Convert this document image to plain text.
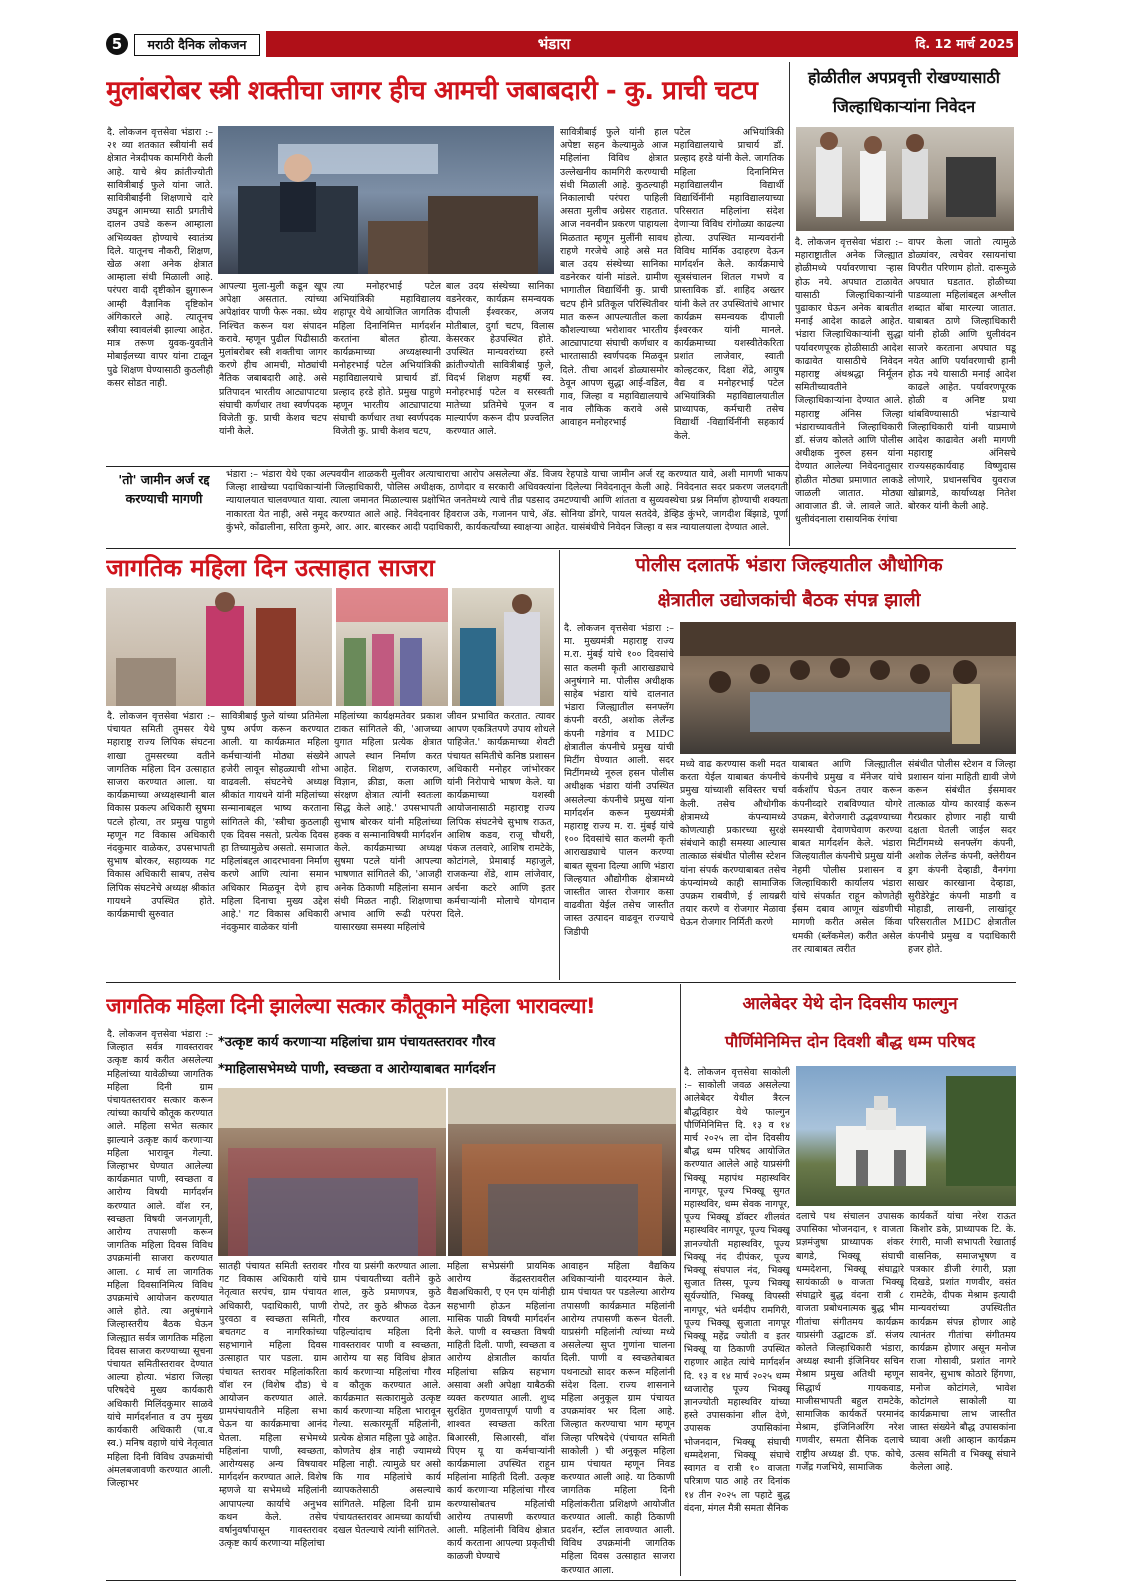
5	मराठी दैनिक लोकजन	भंडारा	दि. 12 मार्च 2025
मुलांबरोबर स्त्री शक्तीचा जागर हीच आमची जबाबदारी - कु. प्राची चटप
दै. लोकजन वृत्तसेवा भंडारा :– २१ व्या शतकात स्त्रीयांनी सर्व क्षेत्रात नेत्रदीपक कामगिरी केली आहे. याचे श्रेय क्रांतीज्योती सावित्रीबाई फुले यांना जाते. सावित्रीबाईंनी शिक्षणाचे दारे उघडून आमच्या साठी प्रगतीचे दालन उघडे करून आम्हाला अभिव्यक्त होण्याचे स्वातंत्र्य दिले. यातूनच नौकरी, शिक्षण, खेळ अशा अनेक क्षेत्रात आम्हाला संधी मिळाली आहे. परंपरा वादी दृष्टीकोन झुगारून आम्ही वैज्ञानिक दृष्टिकोन अंगिकारले आहे. त्यातूनच स्त्रीया स्वावलंबी झाल्या आहेत. मात्र तरूण युवक-युवतीने मोबाईलच्या वापर यांना टाळून पुढे शिक्षण घेण्यासाठी कुठलीही कसर सोडत नाही.
आपल्या मुला-मुली कडून खूप अपेक्षा असतात. त्यांच्या अपेक्षांवर पाणी फेरू नका. ध्येय निश्चित करून यश संपादन करावे. म्हणून पुढील पिढीसाठी मुलांबरोबर स्त्री शक्तीचा जागर करणे हीच आमची, मोठ्यांची नैतिक जबाबदारी आहे. असे प्रतिपादन भारतीय आट्यापाटया संघाची कर्णधार तथा स्वर्णपदक विजेती कु. प्राची केशव चटप यांनी केले.
त्या मनोहरभाई पटेल अभियांत्रिकी महाविद्यालय शहापूर येथे आयोजित जागतिक महिला दिनानिमित्त मार्गदर्शन करतांना बोलत होत्या. कार्यक्रमाच्या अध्यक्षस्थानी मनोहरभाई पटेल अभियांत्रिकी महाविद्यालयाचे प्राचार्य डॉ. प्रल्हाद हरडे होते. प्रमुख पाहुणे म्हणून भारतीय आट्यापाटया संघाची कर्णधार तथा स्वर्णपदक विजेती कु. प्राची केशव चटप,
बाल उदय संस्थेच्या सानिका वडनेरकर, कार्यक्रम समन्वयक दीपाली ईश्वरकर, अजय मोतीबाल, दुर्गा चटप, विलास केसरकर हेउपस्थित होते. उपस्थित मान्यवरांच्या हस्ते क्रांतीज्योती सावित्रीबाई फुले, विदर्भ शिक्षण महर्षी स्व. मनोहरभाई पटेल व सरस्वती मातेच्या प्रतिमेचे पूजन व माल्यार्पण करून दीप प्रज्वलित करण्यात आले.
सावित्रीबाई फुले यांनी हाल अपेष्टा सहन केल्यामुळे आज महिलांना विविध क्षेत्रात उल्लेखनीय कामगिरी करण्याची संधी मिळाली आहे. कुठल्याही निकालाची परंपरा पाहिली असता मुलीच अग्रेसर राहतात. आज नवनवीन प्रकरण पाहायला मिळतात म्हणून मुलींनी सावध राहणे गरजेचे आहे असे मत बाल उदय संस्थेच्या सानिका वडनेरकर यांनी मांडले. ग्रामीण भागातील विद्यार्थिनी कु. प्राची चटप हीने प्रतिकूल परिस्थितीवर मात करून आपल्यातील कला कौशल्याच्या भरोशावर भारतीय आट्यापाटया संघाची कर्णधार व भारतासाठी स्वर्णपदक मिळवून दिले. तीचा आदर्श डोळ्यासमोर ठेवून आपण सुद्धा आई-वडिल, गाव, जिल्हा व महाविद्यालयाचे नाव लौकिक करावे असे आवाहन मनोहरभाई
पटेल अभियांत्रिकी महाविद्यालयाचे प्राचार्य डॉ. प्रल्हाद हरडे यांनी केले. जागतिक महिला दिनानिमित्त महाविद्यालयीन विद्यार्थी विद्यार्थिनींनी महाविद्यालयाच्या परिसरात महिलांना संदेश देणाऱ्या विविध रांगोळ्या काढल्या होत्या. उपस्थित मान्यवरांनी विविध मार्मिक उदाहरण देऊन मार्गदर्शन केले. कार्यक्रमाचे सूत्रसंचालन शितल गभणे व प्रास्ताविक डॉ. शाहिद अख्तर यांनी केले तर उपस्थितांचे आभार कार्यक्रम समन्वयक दीपाली ईश्वरकर यांनी मानले. कार्यक्रमाच्या यशस्वीतेकरिता प्रशांत लाजेवार, स्वाती कोल्हटकर, दिक्षा शेंद्रे, आयुष वैद्य व मनोहरभाई पटेल अभियांत्रिकी महाविद्यालयातील प्राध्यापक, कर्मचारी तसेच विद्यार्थी -विद्यार्थिनींनी सहकार्य केले.
होळीतील अपप्रवृत्ती रोखण्यासाठी
जिल्हाधिकाऱ्यांना निवेदन
दै. लोकजन वृत्तसेवा भंडारा :– महाराष्ट्रातील अनेक जिल्ह्यात होळीमध्ये पर्यावरणाचा ऱ्हास होऊ नये. अपघात टाळावेत यासाठी जिल्हाधिकाऱ्यांनी पुढाकार घेऊन अनेक बाबतीत मनाई आदेश काढले आहेत. भंडारा जिल्हाधिकाऱ्यांनी सुद्धा पर्यावरणपूरक होळीसाठी आदेश काढावेत यासाठीचे निवेदन महाराष्ट्र अंधश्रद्धा निर्मूलन समितीच्यावतीने जिल्हाधिकाऱ्यांना देण्यात आले. महाराष्ट्र अंनिस जिल्हा भंडाराच्यावतीने जिल्हाधिकारी डॉ. संजय कोलते आणि पोलीस अधीक्षक नुरुल हसन यांना देण्यात आलेल्या निवेदनातुसार होळीत मोठ्या प्रमाणात लाकडे जाळली जातात. मोठ्या आवाजात डी. जे. लावले जाते. धुलीवंदनाला रासायनिक रंगांचा
वापर केला जातो त्यामुळे डोळ्यांवर, त्वचेवर रसायनांचा विपरीत परिणाम होतो. दारूमुळे अपघात घडतात. होळीच्या पाडव्याला महिलांबद्दल अश्लील शब्दात बोंबा मारल्या जातात. याबाबत ठाणे जिल्हाधिकारी यांनी होळी आणि धुलीवंदन साजरे करताना अपघात घडू नयेत आणि पर्यावरणाची हानी होऊ नये यासाठी मनाई आदेश काढले आहेत. पर्यावरणपूरक होळी व अनिष्ट प्रथा थांबविण्यासाठी भंडाऱ्याचे जिल्हाधिकारी यांनी याप्रमाणे आदेश काढावेत अशी मागणी महाराष्ट्र अंनिसचे राज्यसहकार्यवाह विष्णुदास लोणारे, प्रधानसचिव युवराज खोब्रागडे, कार्याध्यक्ष नितेश बोरकर यांनी केली आहे.
'तो' जामीन अर्ज रद्द करण्याची मागणी
भंडारा :– भंडारा येथे एका अल्पवयीन शाळकरी मुलीवर अत्याचाराचा आरोप असलेल्या ॲड. विजय रेहपाडे याचा जामीन अर्ज रद्द करण्यात यावे, अशी मागणी भाकप जिल्हा शाखेच्या पदाधिकाऱ्यांनी जिल्हाधिकारी, पोलिस अधीक्षक, ठाणेदार व सरकारी अधिवक्त्यांना दिलेल्या निवेदनातून केली आहे. निवेदनात सदर प्रकरण जलदगती न्यायालयात चालवण्यात यावा. त्याला जमानत मिळाल्यास प्रक्षोभित जनतेमध्ये त्याचे तीव्र पडसाद उमटण्याची आणि शांतता व सुव्यवस्थेचा प्रश्न निर्माण होण्याची शक्यता नाकारता येत नाही, असे नमूद करण्यात आले आहे. निवेदनावर हिवराज उके, गजानन पाचे, ॲड. सोनिया डोंगरे, पायल सतदेवे, डेव्हिड कुंभरे, जागदीश बिंझाडे, पूर्णा कुंभरे, कोंढालीना, सरिता कुमरे, आर. आर. बारस्कर आदी पदाधिकारी, कार्यकर्त्यांच्या स्वाक्षऱ्या आहेत. यासंबंधीचे निवेदन जिल्हा व सत्र न्यायालयाला देण्यात आले.
जागतिक महिला दिन उत्साहात साजरा
दै. लोकजन वृत्तसेवा भंडारा :– पंचायत समिती तुमसर येथे महाराष्ट्र राज्य लिपिक संघटना शाखा तुमसरच्या वतीने जागतिक महिला दिन उत्साहात साजरा करण्यात आला. या कार्यक्रमाच्या अध्यक्षस्थानी बाल विकास प्रकल्प अधिकारी सुषमा पटले होत्या, तर प्रमुख पाहुणे म्हणून गट विकास अधिकारी नंदकुमार वाळेकर, उपसभापती सुभाष बोरकर, सहाय्यक गट विकास अधिकारी साबप, तसेच लिपिक संघटनेचे अध्यक्ष श्रीकांत गायधने उपस्थित होते. कार्यक्रमाची सुरुवात
सावित्रीबाई फुले यांच्या प्रतिमेला पुष्प अर्पण करून करण्यात आली. या कार्यक्रमात महिला कर्मचाऱ्यांनी मोठ्या संख्येने हजेरी लावून सोहळ्याची शोभा वाढवली. संघटनेचे अध्यक्ष श्रीकांत गायधने यांनी महिलांच्या सन्मानाबद्दल भाष्य करताना सांगितले की, 'स्त्रीचा कुठलाही एक दिवस नसतो, प्रत्येक दिवस हा तिच्यामुळेच असतो. समाजात महिलांबद्दल आदरभावना निर्माण करणे आणि त्यांना समान अधिकार मिळवून देणे हाच महिला दिनाचा मुख्य उद्देश आहे.' गट विकास अधिकारी नंदकुमार वाळेकर यांनी
महिलांच्या कार्यक्षमतेवर प्रकाश टाकत सांगितले की, 'आजच्या युगात महिला प्रत्येक क्षेत्रात आपले स्थान निर्माण करत आहेत. शिक्षण, राजकारण, विज्ञान, क्रीडा, कला आणि संरक्षण क्षेत्रात त्यांनी स्वतःला सिद्ध केले आहे.' उपसभापती सुभाष बोरकर यांनी महिलांच्या हक्क व सन्मानाविषयी मार्गदर्शन केले. कार्यक्रमाच्या अध्यक्ष सुषमा पटले यांनी आपल्या भाषणात सांगितले की, 'आजही अनेक ठिकाणी महिलांना समान संधी मिळत नाही. शिक्षणाचा अभाव आणि रूढी परंपरा यासारख्या समस्या महिलांचे
जीवन प्रभावित करतात. त्यावर आपण एकत्रितपणे उपाय शोधले पाहिजेत.' कार्यक्रमाच्या शेवटी पंचायत समितीचे कनिष्ठ प्रशासन अधिकारी मनोहर जांभोरकर यांनी निरोपाचे भाषण केले. या कार्यक्रमाच्या यशस्वी आयोजनासाठी महाराष्ट्र राज्य लिपिक संघटनेचे सुभाष राऊत, आशिष कडव, राजू चौधरी, पंकज तलवारे, आशिष रामटेके, कोटांगले, प्रेमाबाई महाजुले, राजकन्या शेंडे, शाम लांजेवार, अर्चना कटरे आणि इतर कर्मचाऱ्यांनी मोलाचे योगदान दिले.
पोलीस दलातर्फे भंडारा जिल्हयातील औधोगिक
क्षेत्रातील उद्योजकांची बैठक संपन्न झाली
दै. लोकजन वृत्तसेवा भंडारा :– मा. मुख्यमंत्री महाराष्ट्र राज्य म.रा. मुंबई यांचे १०० दिवसांचे सात कलमी कृती आराखड्याचे अनुषंगाने मा. पोलीस अधीक्षक साहेब भंडारा यांचे दालनात भंडारा जिल्ह्यातील सनफ्लॅग कंपनी वरठी, अशोक लेलँन्ड कंपनी गडेगांव व MIDC क्षेत्रातील कंपनीचे प्रमुख यांची मिटींग घेण्यात आली. सदर मिटींगमध्ये नूरुल हसन पोलीस अधीक्षक भंडारा यांनी उपस्थित असलेल्या कंपनीचे प्रमुख यांना मार्गदर्शन करून मुख्यमंत्री महाराष्ट्र राज्य म. रा. मुंबई यांचे १०० दिवसांचे सात कलमी कृती आराखड्याचे पालन करण्या बाबत सूचना दिल्या आणि भंडारा जिल्हयात औद्योगीक क्षेत्रामध्ये जास्तीत जास्त रोजगार कसा वाढवीता येईल तसेच जास्तीत जास्त उत्पादन वाढवून राज्याचे जिडीपी
मध्ये वाढ करण्यास कशी मदत करता येईल याबाबत कंपनीचे प्रमुख यांच्याशी सविस्तर चर्चा केली. तसेच औधोगीक क्षेत्रामध्ये कंपन्यामध्ये कोणत्याही प्रकारच्या सुरक्षे संबंधाने काही समस्या आल्यास तात्काळ संबंधीत पोलीस स्टेशन यांना संपर्क करण्याबाबत तसेच कंपन्यांमध्ये काही सामाजिक उपक्रम राबवीणे, ई लायब्ररी तयार करणे व रोजगार मेळावा घेऊन रोजगार निर्मिती करणे
याबाबत आणि जिल्ह्यातील कंपनीचे प्रमुख व मॅनेजर यांचे वर्कशॉप घेऊन तयार करून कंपनीव्दारे राबविण्यात योगरे उपक्रम, बेरोजगारी उद्भवण्याच्या समस्याची देवाणघेवाण करण्या बाबत मार्गदर्शन केले. भंडारा जिल्हयातील कंपनीचे प्रमुख यांनी नेहमी पोलीस प्रशासन व जिल्हाधिकारी कार्यालय भंडारा यांचे संपर्कात राहून कोणतेही ईसम दबाव आणून खंडणीची मागणी करीत असेल किंवा धमकी (ब्लॅकमेल) करीत असेल तर त्याबाबत त्वरीत
संबंधीत पोलीस स्टेशन व जिल्हा प्रशासन यांना माहिती द्यावी जेणे करून संबंधीत ईसमावर तात्काळ योग्य कारवाई करून गैरप्रकार होणार नाही याची दक्षता घेतली जाईल सदर मिटींगमध्ये सनफ्लॅग कंपनी, अशोक लेलँन्ड कंपनी, क्लेरीयन ड्रग कंपनी देव्हाडी, वैनगंगा साखर कारखाना देव्हाडा, सुरीडेरेड्डंट कंपनी माडगी व मोहाडी, लाखनी, लाखांदूर परिसरातील MIDC क्षेत्रातील कंपनीचे प्रमुख व पदाधिकारी हजर होते.
जागतिक महिला दिनी झालेल्या सत्कार कौतूकाने महिला भारावल्या!
*उत्कृष्ट कार्य करणाऱ्या महिलांचा ग्राम पंचायतस्तरावर गौरव
*माहिलासभेमध्ये पाणी, स्वच्छता व आरोग्याबाबत मार्गदर्शन
दै. लोकजन वृत्तसेवा भंडारा :– जिल्हात सर्वत्र गावस्तरावर उत्कृष्ट कार्य करीत असलेल्या महिलांच्या यावेळीच्या जागतिक महिला दिनी ग्राम पंचायतस्तरावर सत्कार करून त्यांच्या कार्याचे कौतूक करण्यात आले. महिला सभेत सत्कार झाल्याने उत्कृष्ट कार्य करणाऱ्या महिला भारावून गेल्या. जिल्हाभर घेण्यात आलेल्या कार्यक्रमात पाणी, स्वच्छता व आरोग्य विषयी मार्गदर्शन करण्यात आले. वॉश रन, स्वच्छता विषयी जनजागृती, आरोग्य तपासणी करून जागतिक महिला दिवस विविध उपक्रमांनी साजरा करण्यात आला. ८ मार्च ला जागतिक महिला दिवसानिमित्य विविध उपक्रमांचे आयोजन करण्यात आले होते. त्या अनुषंगाने जिल्हास्तरीय बैठक घेऊन जिल्ह्यात सर्वत्र जागतिक महिला दिवस साजरा करण्याच्या सूचना पंचायत समितीस्तरावर देण्यात आल्या होत्या. भंडारा जिल्हा परिषदेचे मुख्य कार्यकारी अधिकारी मिलिंदकुमार साळवे यांचे मार्गदर्शनात व उप मुख्य कार्यकारी अधिकारी (पा.व स्व.) मनिष वहाणे यांचे नेतृत्वात महिला दिनी विविध उपक्रमांची अंमलबजावणी करण्यात आली. जिल्हाभर
सातही पंचायत समिती स्तरावर गट विकास अधिकारी यांचे नेतृत्वात सरपंच, ग्राम पंचायत अधिकारी, पदाधिकारी, पाणी पुरवठा व स्वच्छता समिती, बचतगट व नागरिकांच्या सहभागाने महिला दिवस उत्साहात पार पडला. ग्राम पंचायत स्तरावर महिलांकरिता वॉश रन (विशेष दौड) चे आयोजन करण्यात आले. ग्रामपंचायतीने महिला सभा घेऊन या कार्यक्रमाचा आनंद घेतला. महिला सभेमध्ये महिलांना पाणी, स्वच्छता, आरोग्यसह अन्य विषयावर मार्गदर्शन करण्यात आले. विशेष म्हणजे या सभेमध्ये महिलांनी आपापल्या कार्याचे अनुभव कथन केले. तसेच वर्षानुवर्षापासून गावस्तरावर उत्कृष्ट कार्य करणाऱ्या महिलांचा
गौरव या प्रसंगी करण्यात आला. ग्राम पंचायतीच्या वतीने कुठे शाल, कुठे प्रमाणपत्र, कुठे रोपटे, तर कुठे श्रीफळ देऊन गौरव करण्यात आला. पहिल्यांदाच महिला दिनी गावस्तरावर पाणी व स्वच्छता, आरोग्य या सह विविध क्षेत्रात कार्य करणाऱ्या महिलांचा गौरव व कौतूक करण्यात आले. कार्यक्रमात सत्कारामुळे उत्कृष्ट कार्य करणाऱ्या महिला भारावून गेल्या. सत्कारमूर्ती महिलांनी, प्रत्येक क्षेत्रात महिला पुढे आहेत. कोणतेच क्षेत्र नाही ज्यामध्ये महिला नाही. त्यामुळे घर असो कि गाव महिलांचे कार्य व्यापकतेसाठी असल्याचे सांगितले. महिला दिनी ग्राम पंचायतस्तरावर आमच्या कार्याची दखल घेतल्याचे त्यांनी सांगितले.
महिला सभेप्रसंगी प्रायमिक आरोग्य केंद्रस्तरावरील वैद्यअधिकारी, ए एन एम यांनीही सहभागी होऊन महिलांना मासिक पाळी विषयी मार्गदर्शन केले. पाणी व स्वच्छता विषयी माहिती दिली. पाणी, स्वच्छता व आरोग्य क्षेत्रातील कार्यात महिलांचा सक्रिय सहभाग असावा अशी अपेक्षा याबैठकी व्यक्त करण्यात आली. शुध्द सुरक्षित गुणवत्तापूर्ण पाणी व शाश्वत स्वच्छता करिता बिआरसी, सिआरसी, वॉश पिएम यू या कर्मचाऱ्यांनी कार्यक्रमाला उपस्थित राहून महिलांना माहिती दिली. उत्कृष्ट कार्य करणाऱ्या महिलांचा गौरव करण्यासोबतच महिलांची आरोग्य तपासणी करण्यात आली. महिलांनी विविध क्षेत्रात कार्य करताना आपल्या प्रकृतीची काळजी घेण्याचे
आवाहन महिला वैद्यकिय अधिकाऱ्यांनी यादरम्यान केले. ग्राम पंचायत पर पडलेल्या आरोग्य तपासणी कार्यक्रमात महिलांनी आरोग्य तपासणी करून घेतली. याप्रसंगी महिलांनी त्यांच्या मध्ये असलेल्या सुप्त गुणांना चालना दिली. पाणी व स्वच्छतेबाबत पथनाट्यो सादर करून महिलांनी संदेश दिला. राज्य शासनाने महिला अनुकूल ग्राम पंचायत उपक्रमांवर भर दिला आहे. जिल्हात करण्याचा भाग म्हणून जिल्हा परिषदेचे (पंचायत समिती साकोली ) ची अनुकूल महिला ग्राम पंचायत म्हणून निवड करण्यात आली आहे. या ठिकाणी जागतिक महिला दिनी महिलांकरीता प्रशिक्षणे आयोजीत करण्यात आली. काही ठिकाणी प्रदर्शन, स्टॉल लावण्यात आली. विविध उपक्रमांनी जागतिक महिला दिवस उत्साहात साजरा करण्यात आला.
आलेबेदर येथे दोन दिवसीय फाल्गुन
पौर्णिमेनिमित्त दोन दिवशी बौद्ध धम्म परिषद
दै. लोकजन वृत्तसेवा साकोली :– साकोली जवळ असलेल्या आलेबेदर येथील त्रैरत्न बौद्धविहार येथे फाल्गुन पौर्णिमेनिमित्त दि. १३ व १४ मार्च २०२५ ला दोन दिवसीय बौद्ध धम्म परिषद आयोजित करण्यात आलेले आहे याप्रसंगी भिक्खू महापंथ महास्थविर नागपूर, पूज्य भिक्खू सुगत महास्थविर, धम्म सेवक नागपूर, पूज्य भिक्खू डॉक्टर शीलवंत महास्थविर नागपूर, पूज्य भिक्खू ज्ञानज्योती महास्थविर, पूज्य भिक्खू नंद दीपंकर, पूज्य भिक्खू संघपाल नंद, भिक्खू सुजात तिस्स, पूज्य भिक्खू सूर्यज्योति, भिक्खू विपस्सी नागपूर, भंते धर्मदीप रामगिरी, पूज्य भिक्खू सुजाता नागपूर भिक्खू महेंद्र ज्योती व इतर भिक्खू या ठिकाणी उपस्थित राहणार आहेत त्यांचे मार्गदर्शन दि. १३ व १४ मार्च २०२५ धम्म ध्वजारोह पूज्य भिक्खू ज्ञानज्योती महास्थविर यांच्या हस्ते उपासकांना शील देणे, उपासक उपासिकांना भोजनदान, भिक्खू संघाची धम्मदेशना, भिक्खू संघाचे स्वागत व रात्री १० वाजता परित्राण पाठ आहे तर दिनांक १४ तीन २०२५ ला पहाटे बुद्ध वंदना, मंगल मैत्री समता सैनिक
दलाचे पथ संचालन उपासक उपासिका भोजनदान, १ वाजता प्रज्ञमंजुषा प्राध्यापक शंकर बागडे, भिक्खू संघाची धम्मदेशना, भिक्खू संघाद्वारे सायंकाळी ७ वाजता भिक्खू संघाद्वारे बुद्ध वंदना रात्री ८ वाजता प्रबोधनात्मक बुद्ध भीम गीतांचा संगीतमय कार्यक्रम याप्रसंगी उद्घाटक डॉ. संजय कोलते जिल्हाधिकारी भंडारा, अध्यक्ष स्थानी इंजिनियर सचिन मेश्राम प्रमुख अतिथी म्हणून सिद्धार्थ गायकवाड, माजीसभापती बहुल रामटेके, सामाजिक कार्यकर्ते परमानंद मेश्राम, इंजिनिअरिंग नरेश गणवीर, समता सैनिक दलाचे राष्ट्रीय अध्यक्ष डी. एफ. कोचे, गर्जेंद्र गजभिये, सामाजिक
कार्यकर्ते यांचा नरेश राऊत किशोर डके, प्राध्यापक टि. के. रंगारी, माजी सभापती रेखाताई वासनिक, समाजभूषण व पत्रकार डीजी रंगारी, प्रज्ञा दिखडे, प्रशांत गणवीर, वसंत रामटेके, दीपक मेश्राम इत्यादी मान्यवरांच्या उपस्थितीत कार्यक्रम संपन्न होणार आहे त्यानंतर गीतांचा संगीतमय कार्यक्रम होणार असून मनोज राजा गोसावी, प्रशांत नागरे सावनेर, सुभाष कोठारे हिंगणा, मनोज कोटांगले, भावेश कोटांगले साकोली या कार्यक्रमाचा लाभ जास्तीत जास्त संख्येने बौद्ध उपासकांना घ्यावा अशी आव्हान कार्यक्रम उत्सव समिती व भिक्खू संघाने केलेला आहे.
